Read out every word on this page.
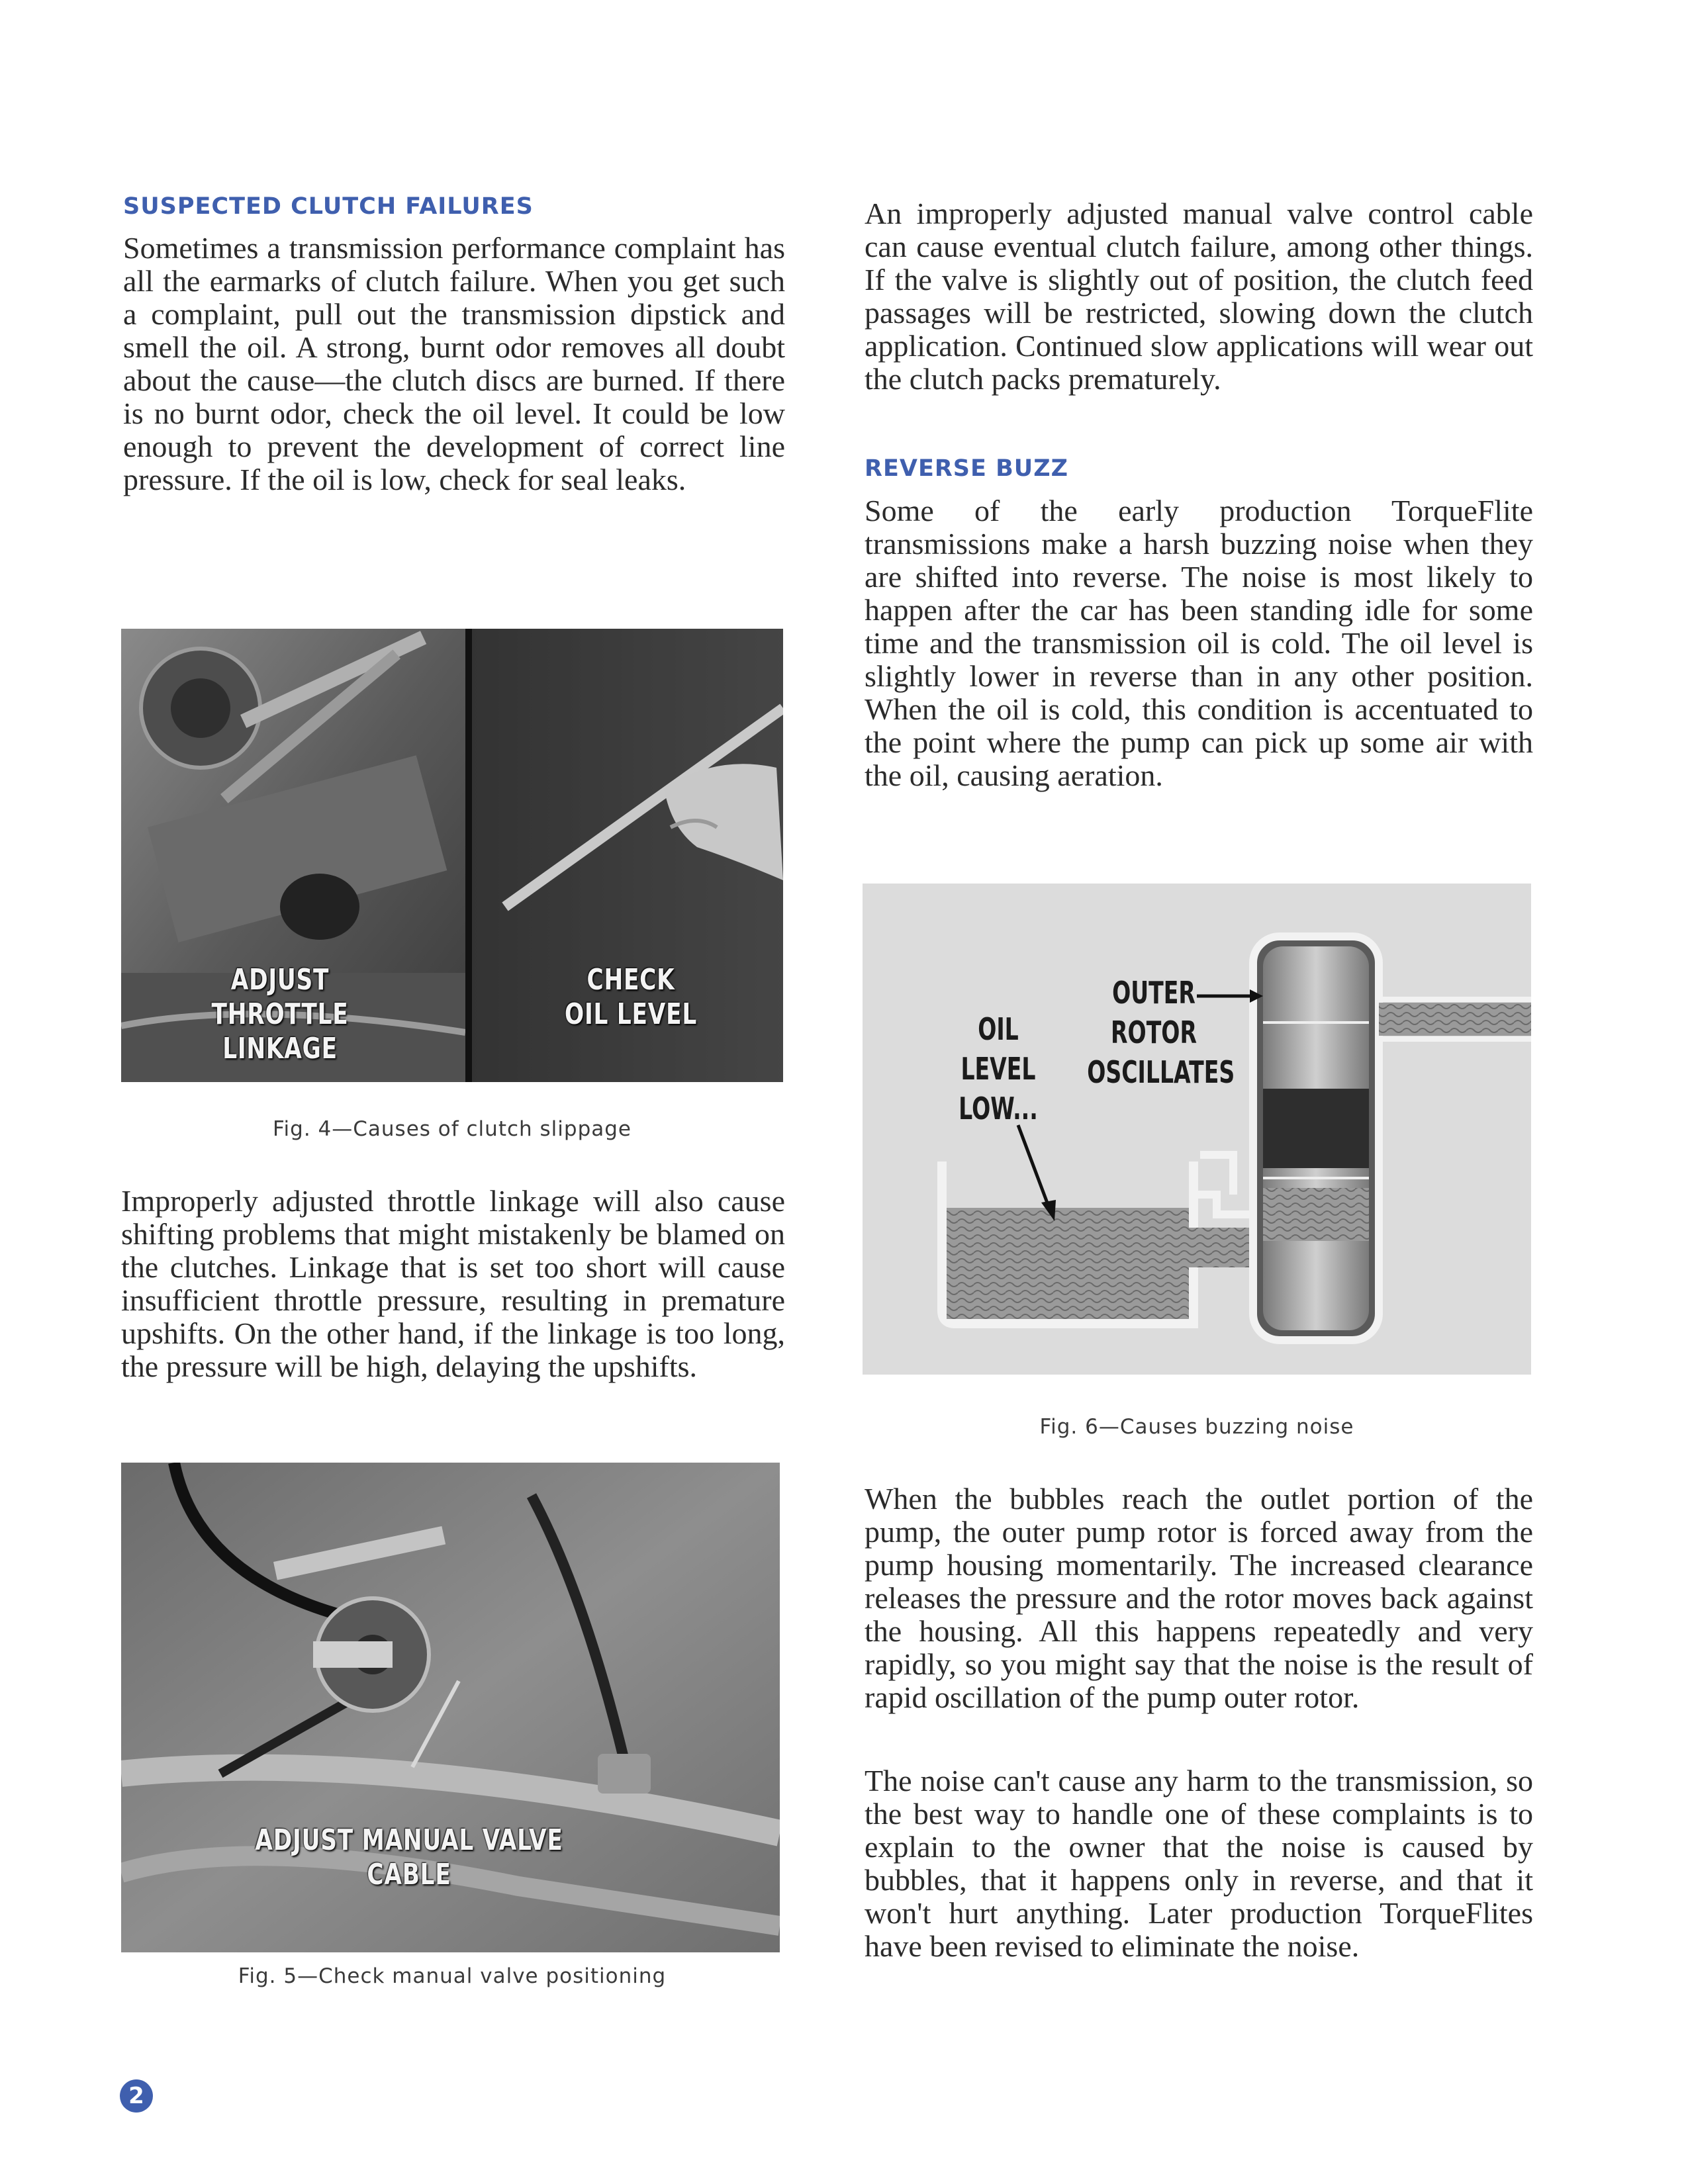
SUSPECTED CLUTCH FAILURES

Sometimes a transmission performance complaint has all the earmarks of clutch failure. When you get such a complaint, pull out the transmission dipstick and smell the oil. A strong, burnt odor removes all doubt about the cause—the clutch discs are burned. If there is no burnt odor, check the oil level. It could be low enough to prevent the development of correct line pressure. If the oil is low, check for seal leaks.

ADJUST
THROTTLE LINKAGE
CHECK
OIL LEVEL
Fig. 4—Causes of clutch slippage

Improperly adjusted throttle linkage will also cause shifting problems that might mistakenly be blamed on the clutches. Linkage that is set too short will cause insufficient throttle pressure, resulting in premature upshifts. On the other hand, if the linkage is too long, the pressure will be high, delaying the upshifts.

ADJUST MANUAL VALVE CABLE
Fig. 5—Check manual valve positioning

An improperly adjusted manual valve control cable can cause eventual clutch failure, among other things. If the valve is slightly out of position, the clutch feed passages will be restricted, slowing down the clutch application. Continued slow applications will wear out the clutch packs prematurely.

REVERSE BUZZ

Some of the early production TorqueFlite transmissions make a harsh buzzing noise when they are shifted into reverse. The noise is most likely to happen after the car has been standing idle for some time and the transmission oil is cold. The oil level is slightly lower in reverse than in any other position. When the oil is cold, this condition is accentuated to the point where the pump can pick up some air with the oil, causing aeration.

OIL
LEVEL
LOW...
OUTER
ROTOR
OSCILLATES
Fig. 6—Causes buzzing noise

When the bubbles reach the outlet portion of the pump, the outer pump rotor is forced away from the pump housing momentarily. The increased clearance releases the pressure and the rotor moves back against the housing. All this happens repeatedly and very rapidly, so you might say that the noise is the result of rapid oscillation of the pump outer rotor.

The noise can't cause any harm to the transmission, so the best way to handle one of these complaints is to explain to the owner that the noise is caused by bubbles, that it happens only in reverse, and that it won't hurt anything. Later production TorqueFlites have been revised to eliminate the noise.

2
